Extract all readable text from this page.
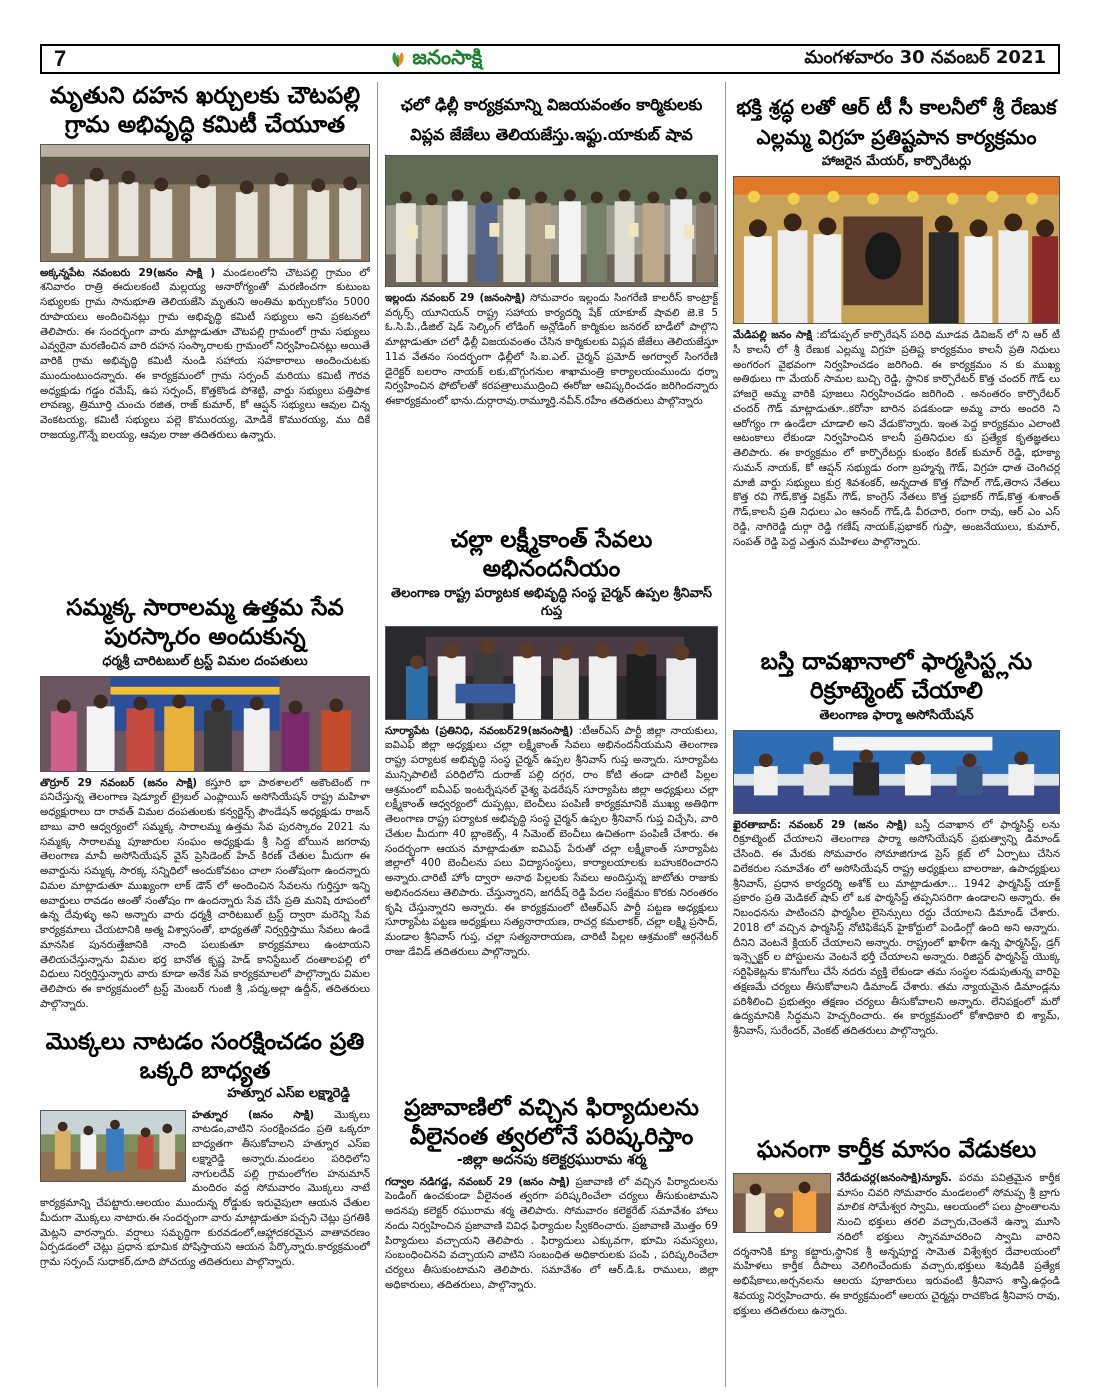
7	జనంసాక్షి	మంగళవారం 30 నవంబర్ 2021
మృతుని దహన ఖర్చులకు చౌటపల్లి గ్రామ అభివృద్ధి కమిటీ చేయూత
అక్కన్నపేట నవంబరు 29(జనం సాక్షి ) మండలంలోని చౌటపల్లి గ్రామం లో శనివారం రాత్రి ఈదులకంటి మల్లయ్య అనారోగ్యంతో మరణించగా కుటుంబ సభ్యులకు గ్రామ సానుభూతి తెలియజేసి మృతుని అంతిమ ఖర్చులకోసం 5000 రూపాయలు అందించినట్లు గ్రామ అభివృద్ధి కమిటీ సభ్యులు అని ప్రకటనలో తెలిపారు. ఈ సందర్భంగా వారు మాట్లాడుతూ చౌటపల్లి గ్రామంలో గ్రామ సభ్యులు ఎవ్వరైనా మరణించిన వారి దహన సంస్కారాలకు గ్రామంలో నిర్వహించినట్లు అయితే వారికి గ్రామ అభివృద్ధి కమిటీ నుండి సహాయ సహకారాలు అందించుటకు ముందుంటుందన్నారు. ఈ కార్యక్రమంలో గ్రామ సర్పంచ్ మరియు కమిటీ గౌరవ అధ్యక్షుడు గడ్డం రమేష్, ఉప సర్పంచ్, కొత్తకొండ పోశెట్టి, వార్డు సభ్యులు పత్తిపాక లావణ్య, త్రిమూర్తి చుంచు రజిత, రాజ్ కుమార్, కో ఆప్షన్ సభ్యులు ఆవుల చిన్న వెంకటయ్య, కమిటీ సభ్యులు పల్లె కొమురయ్య, మోడికే కొమురయ్య, ము దికే రాజయ్య,గొన్నే ఐలయ్య, ఆవుల రాజు తదితరులు ఉన్నారు.
సమ్మక్క సారాలమ్మ ఉత్తమ సేవ పురస్కారం అందుకున్న
ధర్మశ్రీ చారిటబుల్ ట్రస్ట్ విమల దంపతులు
తొర్రూర్ 29 నవంబర్ (జనం సాక్షి) కస్తూరి భా పాఠశాలలో అకౌంటెంట్ గా పనిచేస్తున్న తెలంగాణ షెడ్యూల్ ట్రైబల్ ఎంప్లాయిస్ అసోసియేషన్ రాష్ట్ర మహిళా అధ్యక్షురాలు దా రావత్ విమల దంపతులకు కన్వర్జెన్స్ ఫౌండేషన్ అధ్యక్షుడు రాజన్ బాబు వారి ఆధ్వర్యంలో సమ్మక్క సారాలమ్మ ఉత్తమ సేవ పురస్కారం 2021 ను సమ్మక్క సారాలమ్మ పూజారుల సంఘం అధ్యక్షుడు శ్రీ సిద్ద బోయిన జగరావు తెలంగాణ మావీ అసోసియేషన్ వైస్ ప్రెసిడెంట్ హేచ్ కిరణ్ చేతుల మీదుగా ఈ అవార్డును సమ్మక్క సారక్క సన్నిధిలో అందుకోవటం చాలా సంతోషంగా ఉందన్నారు విమల మాట్లాడుతూ ముఖ్యంగా లాక్ డౌన్ లో అందించిన సేవలను గుర్తిస్తూ ఇన్ని అవార్డులు రావడం అంతో సంతోషం గా ఉందన్నారు సేవ చేసే ప్రతి మనిషి రూపంలో ఉన్న దేవుళ్ళు అని అన్నారు వారు ధర్మశ్రీ చారిటబుల్ ట్రస్ట్ ద్వారా మరెన్ని సేవ కార్యక్రమాలు చేయటానికి అత్మ విశ్వాసంతో, భాధ్యతతో నిర్వర్తిస్తాము సేవలు ఉండే మానసిక పునరుత్తేజానికి నాంది పలుకుతూ కార్యక్రమాలు ఉంటాయని తెలియచేస్తున్నాను విమల భర్త బానోత కృష్ణ హెడ్ కానిస్టేబుల్ దంతాలపల్లి లో విధులు నిర్వర్తిస్తున్నారు వారు కూడా అనేక సేవ కార్యక్రమాలలో పాల్గొన్నారు విమల తెలిపారు ఈ కార్యక్రమంలో ట్రస్ట్ మెంబర్ గుంజీ శ్రీ ,పద్మ,అల్లా ఉద్దీన్, తదితరులు పాల్గొన్నారు.
మొక్కలు నాటడం సంరక్షించడం ప్రతి ఒక్కరి బాధ్యత
హత్నూర ఎస్ఐ లక్ష్మారెడ్డి
హత్నూర (జనం సాక్షి) మొక్కలు నాటడం,వాటిని సంరక్షించడం ప్రతి ఒక్కరూ బాధ్యతగా తీసుకోవాలని హత్నూర ఎస్ఐ లక్ష్మారెడ్డి అన్నారు.మండలం పరిధిలోని నాగులదేవ్ పల్లి గ్రామంలోగల హనుమాన్ మందిరం వద్ద సోమవారం మొక్కలు నాటే కార్యక్రమాన్ని చేపట్టారు.ఆలయం ముందున్న రోడ్డుకు ఇరువైపులా ఆయన చేతుల మీదుగా మొక్కలు నాటారు.ఈ సందర్భంగా వారు మాట్లాడుతూ పచ్చని చెట్లు ప్రగతికి మెట్లని వారన్నారు. వర్షాలు సమృద్ధిగా కురవడంలో,ఆహ్లాదకరమైన వాతావరణం ఏర్పడడంలో చెట్లు ప్రధాన భూమిక పోషిస్తాయని ఆయన పేర్కొన్నారు.కార్యక్రమంలో గ్రామ సర్పంచ్ సుధాకర్,దూది పోచయ్య తదితరులు పాల్గొన్నారు.
ఛలో ఢిల్లీ కార్యక్రమాన్ని విజయవంతం కార్మికులకు విప్లవ జేజేలు తెలియజేస్తు.ఇఫ్టు.యాకుబ్ షావ
ఇల్లందు నవంబర్ 29 (జనంసాక్షి) సోమవారం ఇల్లందు సింగరేణి కాలరీస్ కాంట్రాక్ట్ వర్కర్స్ యూనియన్ రాష్ట్ర సహాయ కార్యదర్శి షేక్ యాకూబ్ షావలి జె.కె 5 ఓ.సి.పి.,డీజిల్ షెడ్ సెల్కింగ్ లోడింగ్ అన్లోడింగ్ కార్మికుల జనరల్ బాడీలో పాల్గొని మాట్లాడుతూ చలో ఢిల్లీ విజయవంతం చేసిన కార్మికులకు విప్లవ జేజేలు తెలియజేస్తూ 11వ వేతనం సందర్భంగా ఢిల్లీలో సి.ఐ.ఎల్. చైర్మన్ ప్రమోద్ అగర్వాల్ సింగరేణి డైరెక్టర్ బలరాం నాయక్ లకు,బొగ్గుగనుల శాఖామంత్రి కార్యాలయంముందు ధర్నా నిర్వహించిన ఫోటోలతో కరపత్రాలుముద్రించి ఈరోజు ఆవిష్కరించడం జరిగిందన్నారు ఈకార్యక్రమంలో భాను.దుర్గారావు.రామ్మూర్తి.నవీన్.రహీం తదితరులు పాల్గొన్నారు
చల్లా లక్ష్మీకాంత్ సేవలు అభినందనీయం
తెలంగాణ రాష్ట్ర పర్యాటక అభివృద్ధి సంస్థ చైర్మన్ ఉప్పల శ్రీనివాస్ గుప్త
సూర్యాపేట (ప్రతినిధి, నవంబర్29(జనంసాక్షి) :టీఆర్ఎస్ పార్టీ జిల్లా నాయకులు, ఐవిఎఫ్ జిల్లా అధ్యక్షులు చల్లా లక్ష్మీకాంత్ సేవలు అభినందనీయమని తెలంగాణ రాష్ట్ర పర్యాటక అభివృద్ధి సంస్థ చైర్మన్ ఉప్పల శ్రీనివాస్ గుప్త అన్నారు. సూర్యాపేట మున్సిపాలిటీ పరిధిలోని దురాజ్ పల్లి దగ్గర, రాం కోటి తండా చారిటీ పిల్లల ఆశ్రమంలో ఐవీఎఫ్ ఇంటర్నేషనల్ వైశ్య ఫెడరేషన్ సూర్యాపేట జిల్లా అధ్యక్షులు చల్లా లక్ష్మీకాంత్ ఆధ్వర్యంలో దుప్పట్లు, బెంచీలు పంపిణీ కార్యక్రమానికి ముఖ్య అతిథిగా తెలంగాణ రాష్ట్ర పర్యాటక అభివృద్ధి సంస్థ చైర్మన్ ఉప్పల శ్రీనివాస్ గుప్త విచ్చేసి, వారి చేతుల మీదుగా 40 బ్లాంకెట్స్, 4 సిమెంట్ బెంచీలు ఉచితంగా పంపిణీ చేశారు. ఈ సందర్భంగా ఆయన మాట్లాడుతూ ఐవిఎఫ్ పేరుతో చల్లా లక్ష్మీకాంత్ సూర్యాపేట జిల్లాలో 400 బెంచీలను పలు విద్యాసంస్థలు, కార్యాలయాలకు బహుకరించారని అన్నారు.చారిటీ హోం ద్వారా అనాథ పిల్లలకు సేవలు అందిస్తున్న జాటోతు రాజుకు అభినందనలు తెలిపారు. చేస్తున్నారని, జగదీష్ రెడ్డి పేదల సంక్షేమం కొరకు నిరంతరం కృషి చేస్తున్నారని అన్నారు. ఈ కార్యక్రమంలో టిఆర్ఎస్ పార్టీ పట్టణ అధ్యక్షులు సూర్యాపేట పట్టణ అధ్యక్షులు సత్యనారాయణ, రాచర్ల కమలాకర్, చల్లా లక్ష్మి ప్రసాద్, మండాల శ్రీనివాస్ గుప్త, చల్లా సత్యనారాయణ, చారిటీ పిల్లల ఆశ్రమంకో ఆర్గనేటర్ రాజు డేవిడ్ తదితరులు పాల్గొన్నారు.
ప్రజావాణిలో వచ్చిన ఫిర్యాదులను వీలైనంత త్వరలోనే పరిష్కరిస్తాం
-జిల్లా అదనపు కలెక్టర్రఘురామ శర్మ
గద్వాల నడిగడ్డ, నవంబర్ 29 (జనం సాక్షి) ప్రజావాణి లో వచ్చిన పిర్యాదులను పెండింగ్ ఉంచకుండా వీలైనంత త్వరగా పరిష్కరించేలా చర్యలు తీసుకుంటామని అదనపు కలెక్టర్ రఘురామ శర్మ తెలిపారు. సోమవారం కలెక్టరేట్ సమావేశం హాలు నందు నిర్వహించిన ప్రజావాణి వివిధ ఫిర్యాదుల స్వీకరించారు. ప్రజావాణి మొత్తం 69 పిర్యాదులు వచ్చాయని తెలిపారు . ఫిర్యాదులు ఎక్కువగా, భూమి సమస్యలు, సంబంధించినవి వచ్చాయని వాటిని సంబంధిత అధికారులకు పంపి , పరిష్కరించేలా చర్యలు తీసుకుంటామని తెలిపారు. సమావేశం లో ఆర్.డి.ఓ రాములు, జిల్లా అధికారులు, తదితరులు, పాల్గొన్నారు.
భక్తి శ్రద్ధ లతో ఆర్ టీ సీ కాలనీలో శ్రీ రేణుక ఎల్లమ్మ విగ్రహ ప్రతిష్టపాన కార్యక్రమం
హాజరైన మేయర్, కార్పొరేటర్లు
మేడిపల్లి జనం సాక్షి :బోడుప్పల్ కార్పొరేషన్ పరిధి మూడవ డివిజన్ లో ని ఆర్ టీ సీ కాలనీ లో శ్రీ రేణుక ఎల్లమ్మ విగ్రహ ప్రతిష్ట కార్యక్రమం కాలనీ ప్రతి నిధులు అంగరంగ వైభవంగా నిర్వహించడం జరిగింది. ఈ కార్యక్రమం న కు ముఖ్య అతిథులు గా మేయర్ సామల బుచ్చి రెడ్డి, స్థానిక కార్పొరేటర్ కొత్త చందర్ గౌడ్ లు హాజరై అమ్మ వారికి పూజలు నిర్వహించడం జరిగింది . అనంతరం కార్పొరేటర్ చందర్ గౌడ్ మాట్లాడుతూ..కరోనా బారిన పడకుండా అమ్మ వారు అందరి ని ఆరోగ్యం గా ఉండేలా చూడాలి అని వేడుకొన్నారు. ఇంత పెద్ద కార్యక్రమం ఎలాంటి ఆటంకాలు లేకుండా నిర్వహించిన కాలనీ ప్రతినిధుల కు ప్రత్యేక కృతజ్ఞతలు తెలిపారు. ఈ కార్యక్రమం లో కార్పొరేటర్లు కుంభం కిరణ్ కుమార్ రెడ్డి, భూక్యా సుమన్ నాయక్, కో ఆప్షన్ సభ్యుడు రంగా బ్రహ్మన్న గౌడ్, విగ్రహ ధాత చెంగిచర్ల మాజీ వార్డు సభ్యులు కుర్ర శివశంకర్, అన్నదాత కొత్త గోపాల్ గౌడ్,తెరాస నేతలు కొత్త రవి గౌడ్,కొత్త విక్రమ్ గౌడ్, కాంగ్రెస్ నేతలు కొత్త ప్రభాకర్ గౌడ్,కొత్త శుశాంత్ గౌడ్,కాలనీ ప్రతి నిధులు ఎం ఆనంద్ గౌడ్,డి వీరచారి, రంగా రావు, ఆర్ ఎం ఎస్ రెడ్డి, నాగిరెడ్డి దుర్గా రెడ్డి గణేష్ నాయక్,ప్రభాకర్ గుప్తా, అంజనేయులు, కుమార్, సంపత్ రెడ్డి పెద్ద ఎత్తున మహిళలు పాల్గొన్నారు.
బస్తి దావఖానాలో ఫార్మసిస్ట్లను రిక్రూట్మెంట్ చేయాలి
తెలంగాణ ఫార్మా అసోసియేషన్
ఖైరతాబాద్: నవంబర్ 29 (జనం సాక్షి) బస్తీ దవాఖాన లో ఫార్మసిస్ట్ లను రిక్రూట్మెంట్ చేయాలని తెలంగాణ ఫార్మా అసోసియేషన్ ప్రభుత్వాన్ని డిమాండ్ చేసింది. ఈ మేరకు సోమవారం సోమాజిగూడ ప్రెస్ క్లబ్ లో ఏర్పాటు చేసిన విలేకరుల సమావేశం లో అసోసియేషన్ రాష్ట్ర అధ్యక్షులు బాలరాజు, ఉపాధ్యక్షులు శ్రీనివాస్, ప్రధాన కార్యదర్శి అశోక్ లు మాట్లాడుతూ... 1942 ఫార్మసిస్ట్ యాక్ట్ ప్రకారం ప్రతి మెడికల్ షాప్ లో ఒక ఫార్మసిస్ట్ తప్పనిసరిగా ఉండాలని అన్నారు. ఈ నిబంధనను పాటించని ఫార్మసీల లైసెన్సులు రద్దు చేయాలని డిమాండ్ చేశారు. 2018 లో వచ్చిన ఫార్మసిస్ట్ నోటిఫికేషన్ హైకోర్టులో పెండింగ్లో ఉంది అని అన్నారు. దీనిని వెంటనే క్లియర్ చేయాలని అన్నారు. రాష్ట్రంలో ఖాళీగా ఉన్న ఫార్మసిస్ట్, డ్రగ్ ఇన్స్పెక్టర్ ల పోస్టులను వెంటనే భర్తీ చేయాలని అన్నారు. రిజిస్టర్ ఫార్మసిస్ట్ యొక్క సర్టిఫికెట్లను కొనుగోలు చేసే నదరు వ్యక్తి లేకుండా తమ సంస్థల నడుపుతున్న వారిపై తక్షణమే చర్యలు తీసుకోవాలని డిమాండ్ చేశారు. తమ న్యాయమైన డిమాండ్లను పరిశీలించి ప్రభుత్వం తక్షణం చర్యలు తీసుకోవాలని అన్నారు. లేనిపక్షంలో మరో ఉద్యమానికి సిద్ధమని హెచ్చరించారు. ఈ కార్యక్రమంలో కోశాధికారి బి శ్యామ్, శ్రీనివాస్, సురేందర్, వెంకట్ తదితరులు పాల్గొన్నారు.
ఘనంగా కార్తీక మాసం వేడుకలు
నేరేడుచర్ల(జనంసాక్షి)న్యూస్. పరమ పవిత్రమైన కార్తీక మాసం చివరి సోమవారం మండలంలో సోమప్ప శ్రీ బ్రాగు మాలిక సోమేశ్వర స్వామి, ఆలయంలో పలు ప్రాంతాలను నుంచి భక్తులు తరలి వచ్చారు,చెంతనే ఉన్నా మూసి నదిలో భక్తులు స్నానమాచరించి స్వామి వారిని దర్శనానికి క్యూ కట్టారు,స్థానిక శ్రీ అన్నపూర్ణ సామెత విశ్వేశ్వర దేవాలయంలో మహిళలు కార్తీక దీపాలు వెలిగించేందుకు వచ్చారు,భక్తులు శివుడికి ప్రత్యేక అభిషేకాలు,అర్చనలను ఆలయ పూజారులు ఇరువంటి శ్రీనివాస శాస్త్రి,ఉద్గండి శివయ్య నిర్వహించారు. ఈ కార్యక్రమంలో ఆలయ చైర్మన్లు రాచకొండ శ్రీనివాస రావు, భక్తులు తదితరులు ఉన్నారు.
